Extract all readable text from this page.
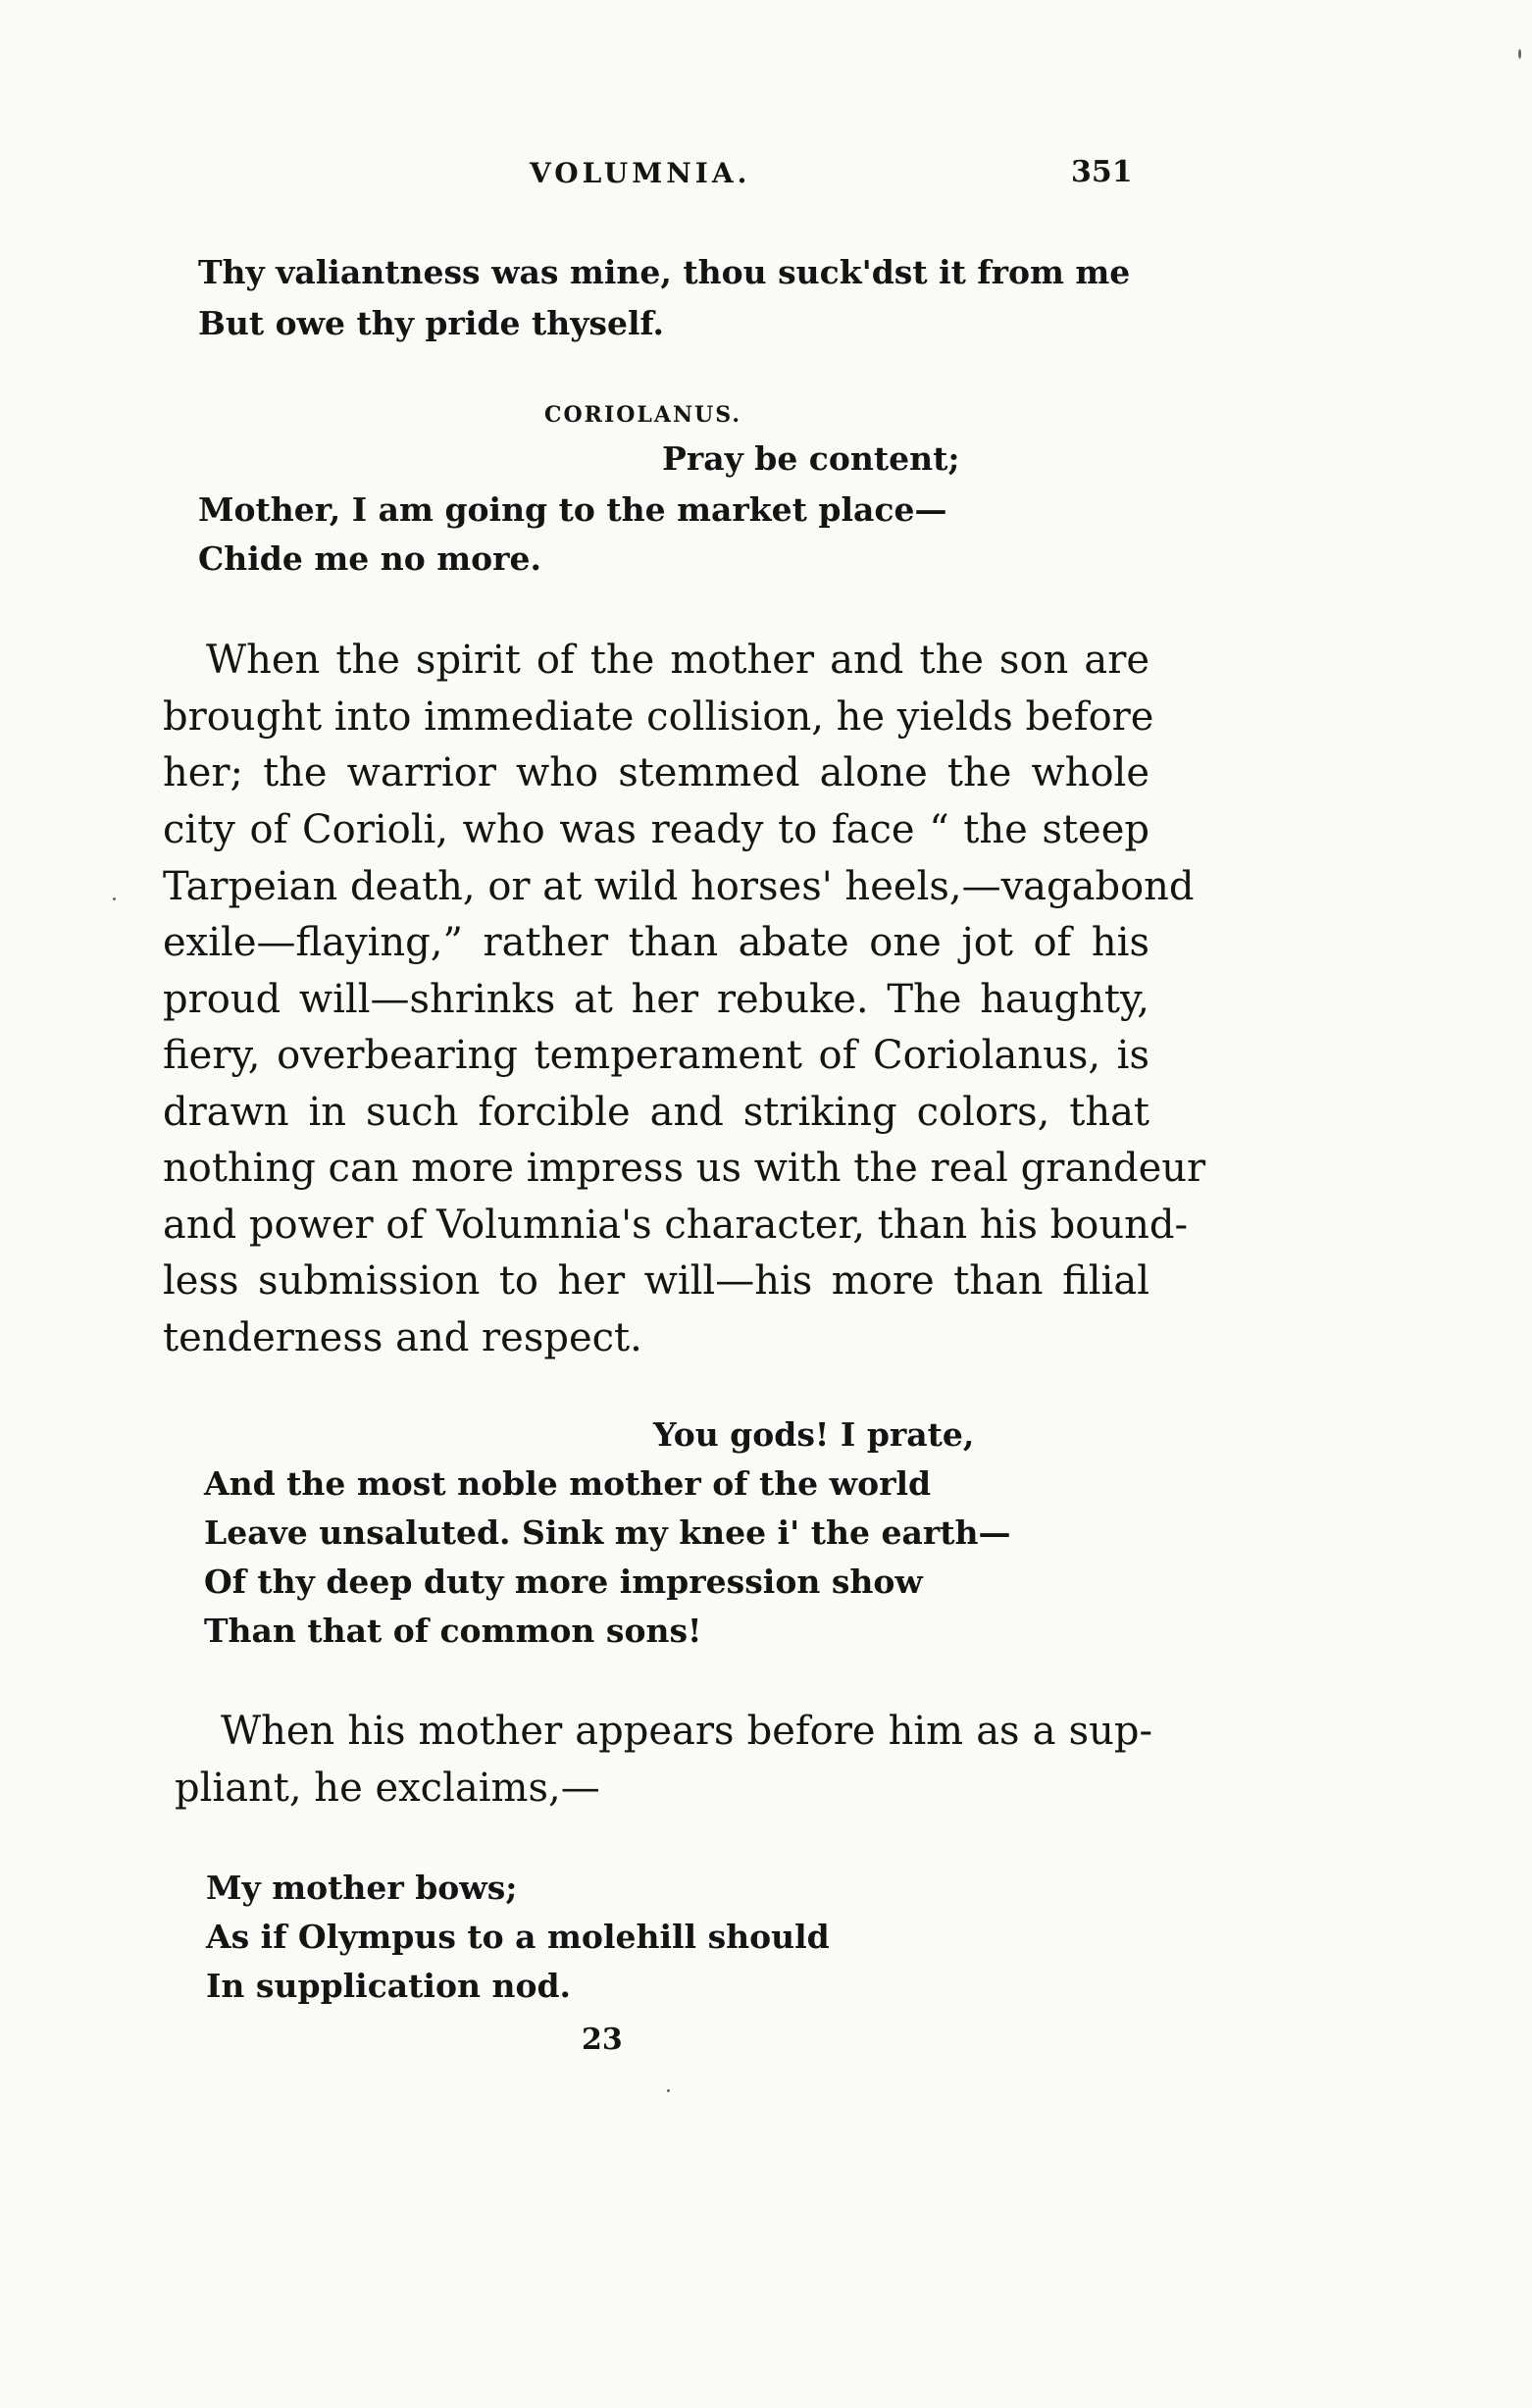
VOLUMNIA.	351
Thy valiantness was mine, thou suck'dst it from me
But owe thy pride thyself.
CORIOLANUS.
Pray be content;
Mother, I am going to the market place—
Chide me no more.
When the spirit of the mother and the son are
brought into immediate collision, he yields before
her; the warrior who stemmed alone the whole
city of Corioli, who was ready to face “ the steep
Tarpeian death, or at wild horses' heels,—vagabond
exile—flaying,” rather than abate one jot of his
proud will—shrinks at her rebuke. The haughty,
fiery, overbearing temperament of Coriolanus, is
drawn in such forcible and striking colors, that
nothing can more impress us with the real grandeur
and power of Volumnia's character, than his bound-
less submission to her will—his more than filial
tenderness and respect.
You gods! I prate,
And the most noble mother of the world
Leave unsaluted. Sink my knee i' the earth—
Of thy deep duty more impression show
Than that of common sons!
When his mother appears before him as a sup-
pliant, he exclaims,—
My mother bows;
As if Olympus to a molehill should
In supplication nod.
23
